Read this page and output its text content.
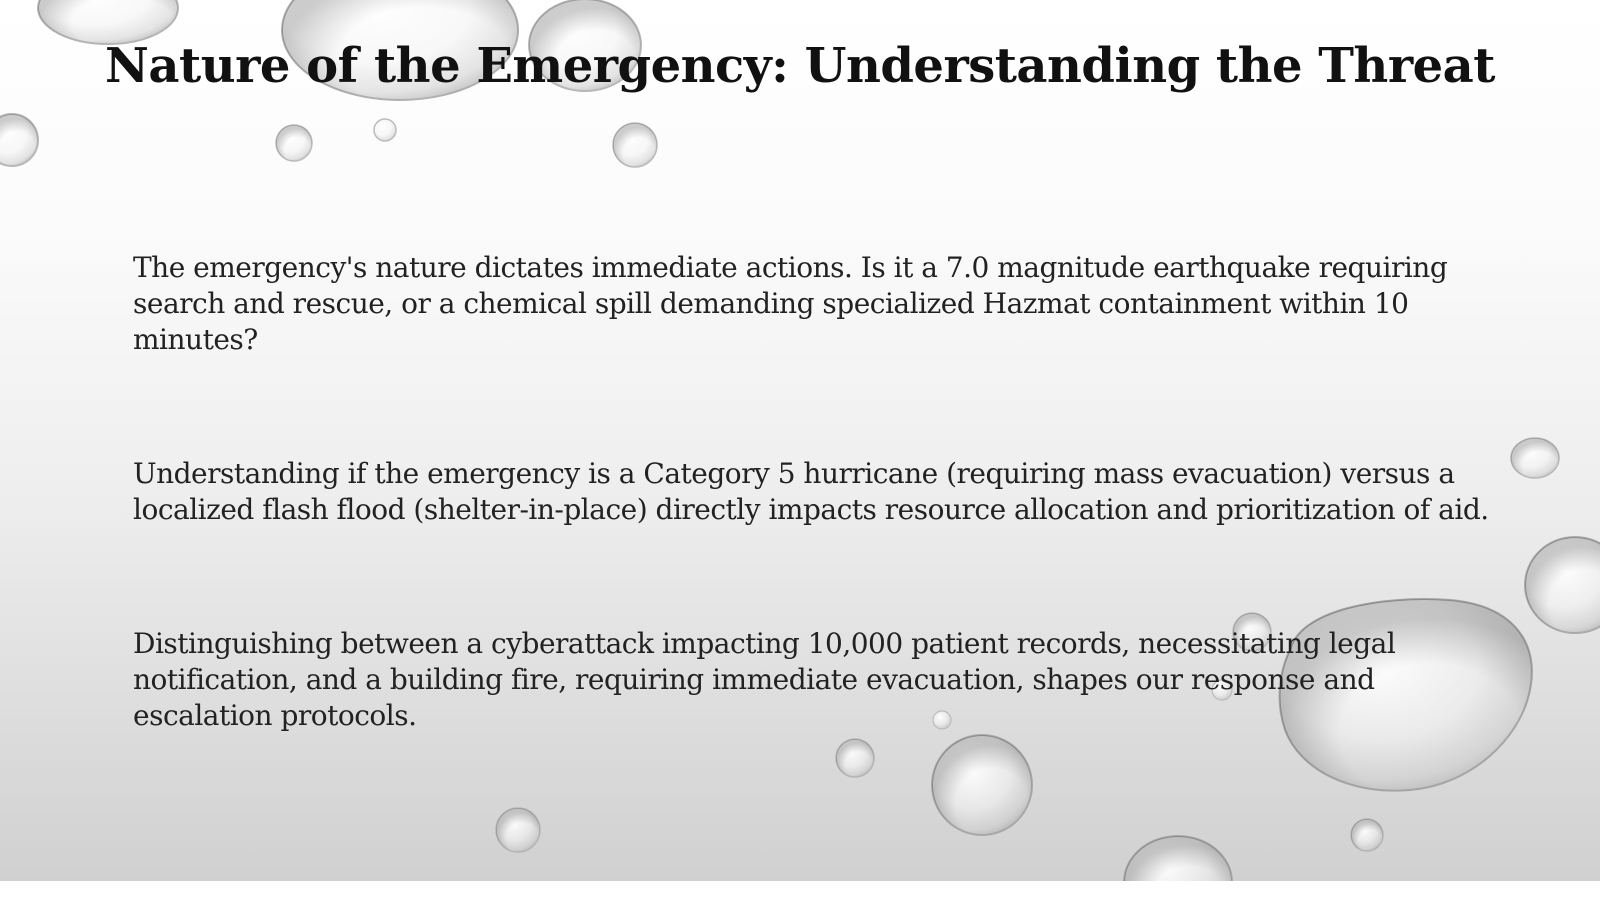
Nature of the Emergency: Understanding the Threat

The emergency's nature dictates immediate actions. Is it a 7.0 magnitude earthquake requiring search and rescue, or a chemical spill demanding specialized Hazmat containment within 10 minutes?

Understanding if the emergency is a Category 5 hurricane (requiring mass evacuation) versus a localized flash flood (shelter-in-place) directly impacts resource allocation and prioritization of aid.

Distinguishing between a cyberattack impacting 10,000 patient records, necessitating legal notification, and a building fire, requiring immediate evacuation, shapes our response and escalation protocols.
